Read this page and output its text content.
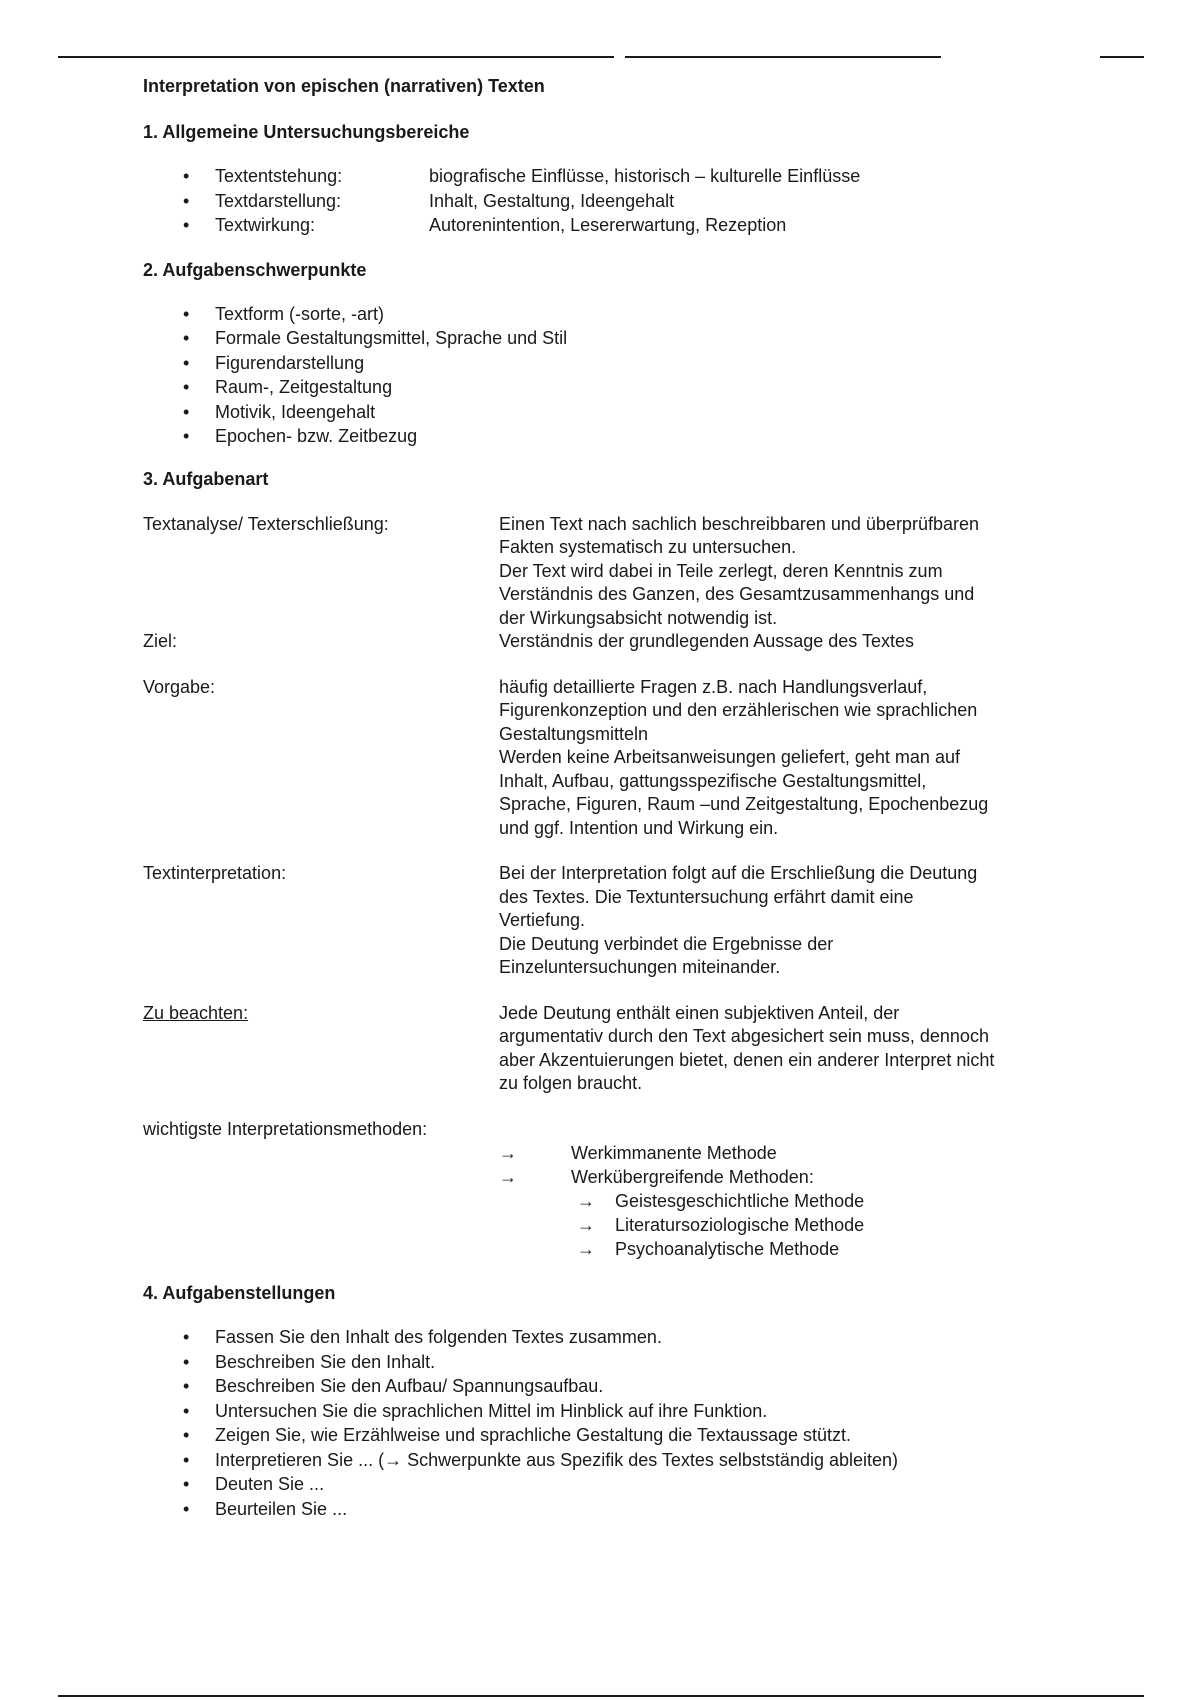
Interpretation von epischen (narrativen) Texten
1. Allgemeine Untersuchungsbereiche
• Textentstehung:	biografische Einflüsse, historisch – kulturelle Einflüsse
• Textdarstellung:	Inhalt, Gestaltung, Ideengehalt
• Textwirkung:	Autorenintention, Lesererwartung, Rezeption
2. Aufgabenschwerpunkte
• Textform (-sorte, -art)
• Formale Gestaltungsmittel, Sprache und Stil
• Figurendarstellung
• Raum-, Zeitgestaltung
• Motivik, Ideengehalt
• Epochen- bzw. Zeitbezug
3. Aufgabenart
Textanalyse/ Texterschließung:	Einen Text nach sachlich beschreibbaren und überprüfbaren
Fakten systematisch zu untersuchen.
Der Text wird dabei in Teile zerlegt, deren Kenntnis zum
Verständnis des Ganzen, des Gesamtzusammenhangs und
der Wirkungsabsicht notwendig ist.
Ziel:	Verständnis der grundlegenden Aussage des Textes
Vorgabe:	häufig detaillierte Fragen z.B. nach Handlungsverlauf,
Figurenkonzeption und den erzählerischen wie sprachlichen
Gestaltungsmitteln
Werden keine Arbeitsanweisungen geliefert, geht man auf
Inhalt, Aufbau, gattungsspezifische Gestaltungsmittel,
Sprache, Figuren, Raum –und Zeitgestaltung, Epochenbezug
und ggf. Intention und Wirkung ein.
Textinterpretation:	Bei der Interpretation folgt auf die Erschließung die Deutung
des Textes. Die Textuntersuchung erfährt damit eine
Vertiefung.
Die Deutung verbindet die Ergebnisse der
Einzeluntersuchungen miteinander.
Zu beachten:	Jede Deutung enthält einen subjektiven Anteil, der
argumentativ durch den Text abgesichert sein muss, dennoch
aber Akzentuierungen bietet, denen ein anderer Interpret nicht
zu folgen braucht.
wichtigste Interpretationsmethoden:
→	Werkimmanente Methode
→	Werkübergreifende Methoden:
→	Geistesgeschichtliche Methode
→	Literatursoziologische Methode
→	Psychoanalytische Methode
4. Aufgabenstellungen
• Fassen Sie den Inhalt des folgenden Textes zusammen.
• Beschreiben Sie den Inhalt.
• Beschreiben Sie den Aufbau/ Spannungsaufbau.
• Untersuchen Sie die sprachlichen Mittel im Hinblick auf ihre Funktion.
• Zeigen Sie, wie Erzählweise und sprachliche Gestaltung die Textaussage stützt.
• Interpretieren Sie ... (→ Schwerpunkte aus Spezifik des Textes selbstständig ableiten)
• Deuten Sie ...
• Beurteilen Sie ...
